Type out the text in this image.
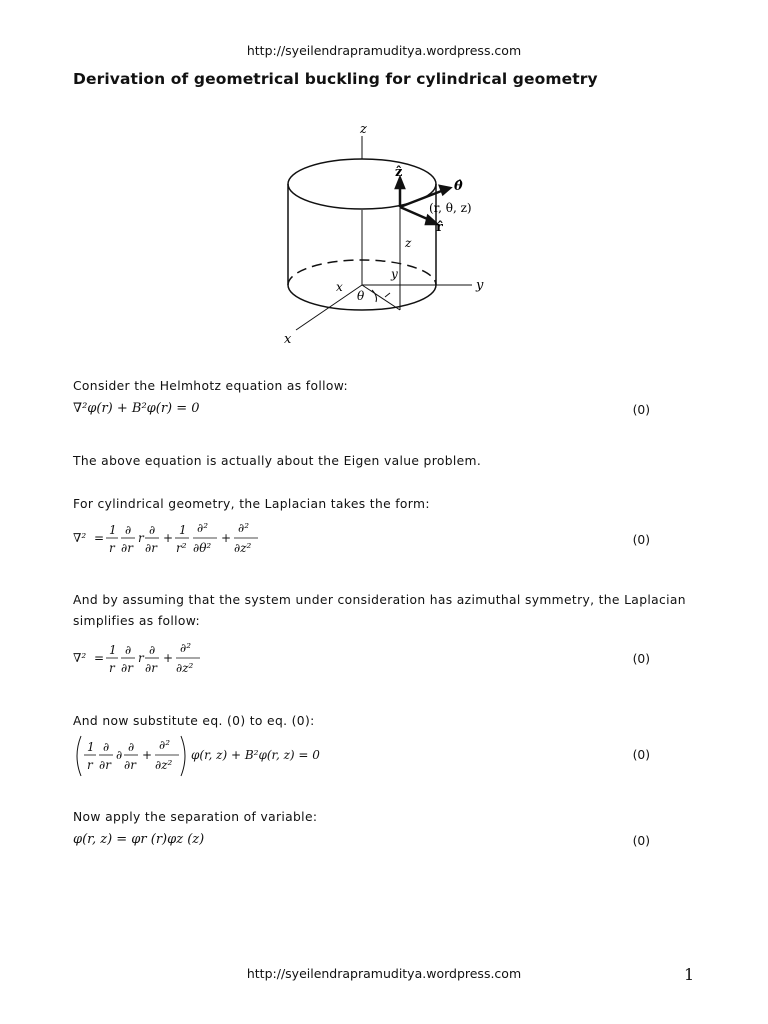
http://syeilendrapramuditya.wordpress.com
Derivation of geometrical buckling for cylindrical geometry
z
y
x
x
y
z
θ
ẑ
θ̂
r̂
(r, θ, z)
Consider the Helmhotz equation as follow:
∇²φ(r) + B²φ(r) = 0	(0)
The above equation is actually about the Eigen value problem.
For cylindrical geometry, the Laplacian takes the form:
∇² =
1
r
∂
∂r
r
∂
∂r
+
1
r²
∂²
∂θ²
+
∂²
∂z²
(0)
And by assuming that the system under consideration has azimuthal symmetry, the Laplacian simplifies as follow:
∇² =
1
r
∂
∂r
r
∂
∂r
+
∂²
∂z²
(0)
And now substitute eq. (0) to eq. (0):
1
r
∂
∂r
∂
∂
∂r
+
∂²
∂z²
φ(r, z) + B²φ(r, z) = 0	(0)
Now apply the separation of variable:
φ(r, z) = φr (r)φz (z)	(0)
http://syeilendrapramuditya.wordpress.com	1
